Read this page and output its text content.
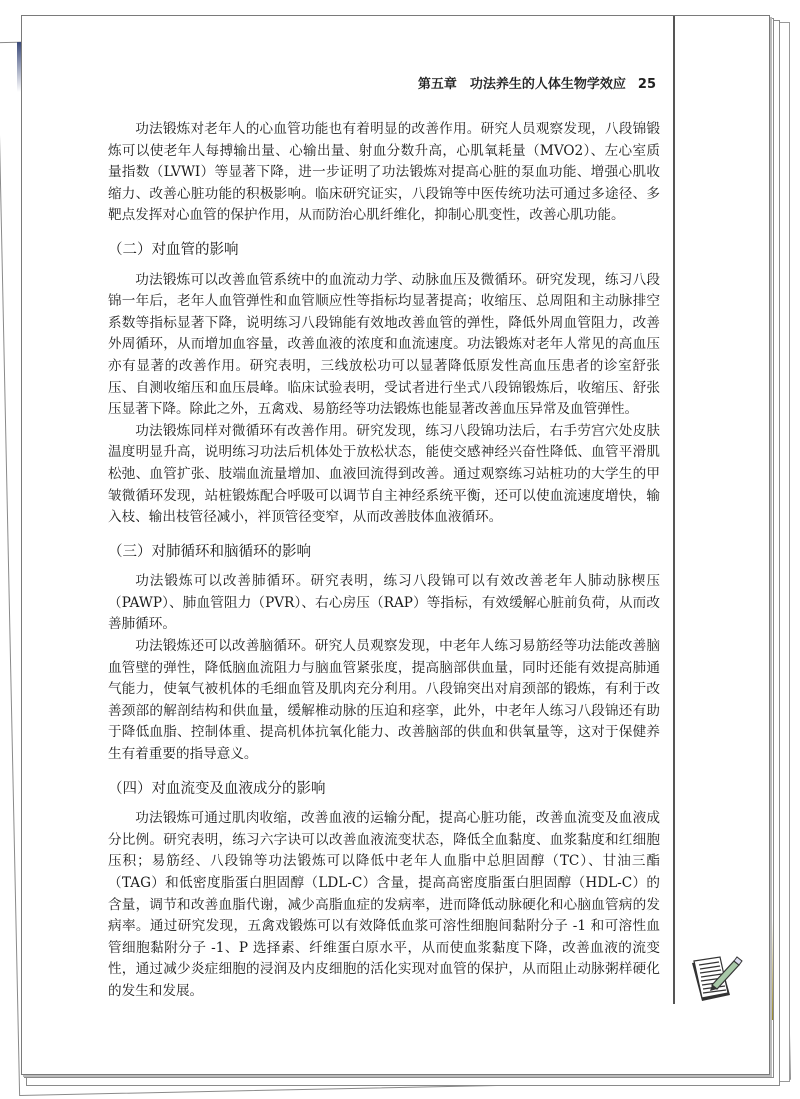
第五章　功法养生的人体生物学效应 25

功法锻炼对老年人的心血管功能也有着明显的改善作用。研究人员观察发现，八段锦锻炼可以使老年人每搏输出量、心输出量、射血分数升高，心肌氧耗量（MVO2）、左心室质量指数（LVWI）等显著下降，进一步证明了功法锻炼对提高心脏的泵血功能、增强心肌收缩力、改善心脏功能的积极影响。临床研究证实，八段锦等中医传统功法可通过多途径、多靶点发挥对心血管的保护作用，从而防治心肌纤维化，抑制心肌变性，改善心肌功能。

（二）对血管的影响

功法锻炼可以改善血管系统中的血流动力学、动脉血压及微循环。研究发现，练习八段锦一年后，老年人血管弹性和血管顺应性等指标均显著提高；收缩压、总周阻和主动脉排空系数等指标显著下降，说明练习八段锦能有效地改善血管的弹性，降低外周血管阻力，改善外周循环，从而增加血容量，改善血液的浓度和血流速度。功法锻炼对老年人常见的高血压亦有显著的改善作用。研究表明，三线放松功可以显著降低原发性高血压患者的诊室舒张压、自测收缩压和血压晨峰。临床试验表明，受试者进行坐式八段锦锻炼后，收缩压、舒张压显著下降。除此之外，五禽戏、易筋经等功法锻炼也能显著改善血压异常及血管弹性。

功法锻炼同样对微循环有改善作用。研究发现，练习八段锦功法后，右手劳宫穴处皮肤温度明显升高，说明练习功法后机体处于放松状态，能使交感神经兴奋性降低、血管平滑肌松弛、血管扩张、肢端血流量增加、血液回流得到改善。通过观察练习站桩功的大学生的甲皱微循环发现，站桩锻炼配合呼吸可以调节自主神经系统平衡，还可以使血流速度增快，输入枝、输出枝管径减小，袢顶管径变窄，从而改善肢体血液循环。

（三）对肺循环和脑循环的影响

功法锻炼可以改善肺循环。研究表明，练习八段锦可以有效改善老年人肺动脉楔压（PAWP）、肺血管阻力（PVR）、右心房压（RAP）等指标，有效缓解心脏前负荷，从而改善肺循环。

功法锻炼还可以改善脑循环。研究人员观察发现，中老年人练习易筋经等功法能改善脑血管壁的弹性，降低脑血流阻力与脑血管紧张度，提高脑部供血量，同时还能有效提高肺通气能力，使氧气被机体的毛细血管及肌肉充分利用。八段锦突出对肩颈部的锻炼，有利于改善颈部的解剖结构和供血量，缓解椎动脉的压迫和痉挛，此外，中老年人练习八段锦还有助于降低血脂、控制体重、提高机体抗氧化能力、改善脑部的供血和供氧量等，这对于保健养生有着重要的指导意义。

（四）对血流变及血液成分的影响

功法锻炼可通过肌肉收缩，改善血液的运输分配，提高心脏功能，改善血流变及血液成分比例。研究表明，练习六字诀可以改善血液流变状态，降低全血黏度、血浆黏度和红细胞压积；易筋经、八段锦等功法锻炼可以降低中老年人血脂中总胆固醇（TC）、甘油三酯（TAG）和低密度脂蛋白胆固醇（LDL-C）含量，提高高密度脂蛋白胆固醇（HDL-C）的含量，调节和改善血脂代谢，减少高脂血症的发病率，进而降低动脉硬化和心脑血管病的发病率。通过研究发现，五禽戏锻炼可以有效降低血浆可溶性细胞间黏附分子 -1 和可溶性血管细胞黏附分子 -1、P 选择素、纤维蛋白原水平，从而使血浆黏度下降，改善血液的流变性，通过减少炎症细胞的浸润及内皮细胞的活化实现对血管的保护，从而阻止动脉粥样硬化的发生和发展。
